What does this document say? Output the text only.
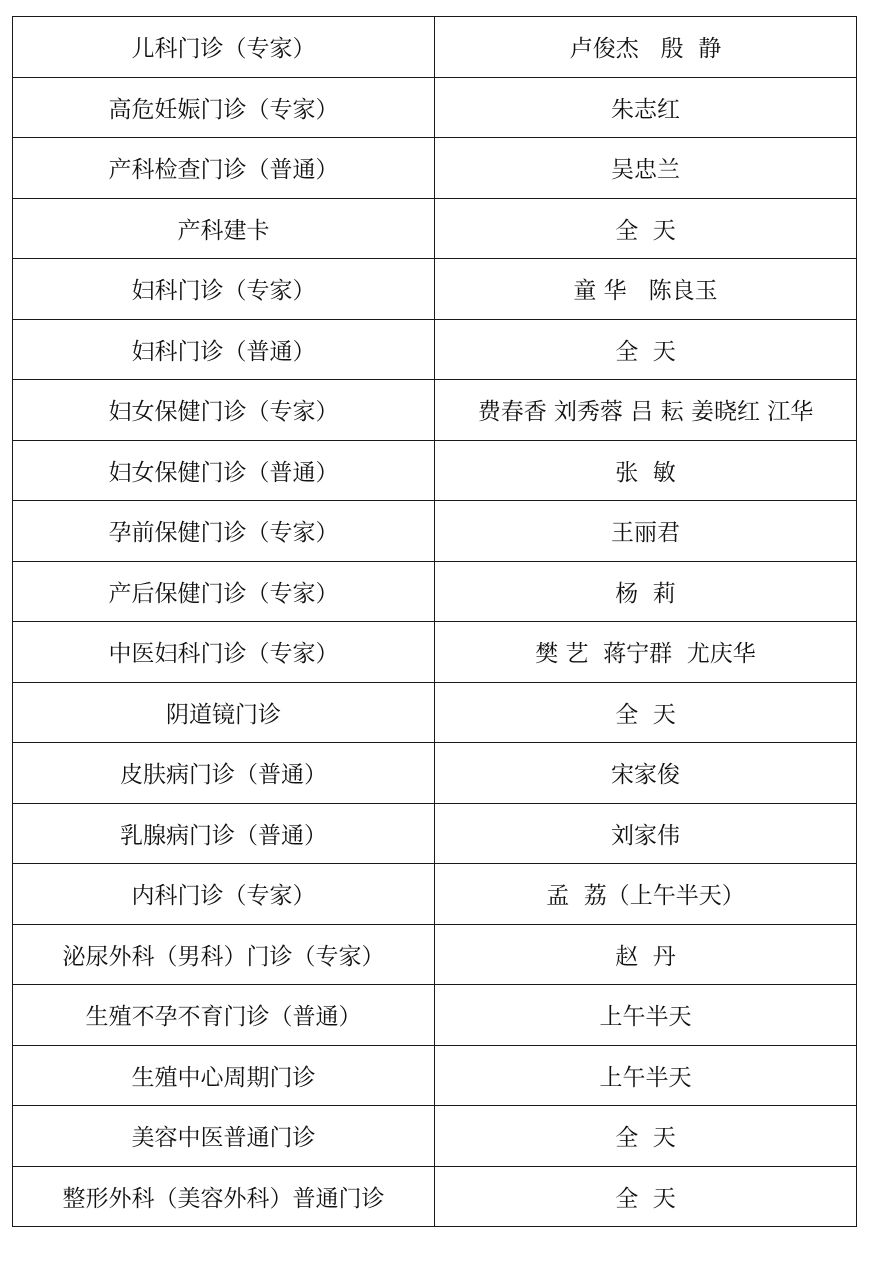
儿科门诊（专家）	卢俊杰   殷  静
高危妊娠门诊（专家）	朱志红
产科检查门诊（普通）	吴忠兰
产科建卡	全  天
妇科门诊（专家）	童 华   陈良玉
妇科门诊（普通）	全  天
妇女保健门诊（专家）	费春香 刘秀蓉 吕 耘 姜晓红 江华
妇女保健门诊（普通）	张  敏
孕前保健门诊（专家）	王丽君
产后保健门诊（专家）	杨  莉
中医妇科门诊（专家）	樊 艺  蒋宁群  尤庆华
阴道镜门诊	全  天
皮肤病门诊（普通）	宋家俊
乳腺病门诊（普通）	刘家伟
内科门诊（专家）	孟  荔（上午半天）
泌尿外科（男科）门诊（专家）	赵  丹
生殖不孕不育门诊（普通）	上午半天
生殖中心周期门诊	上午半天
美容中医普通门诊	全  天
整形外科（美容外科）普通门诊	全  天
